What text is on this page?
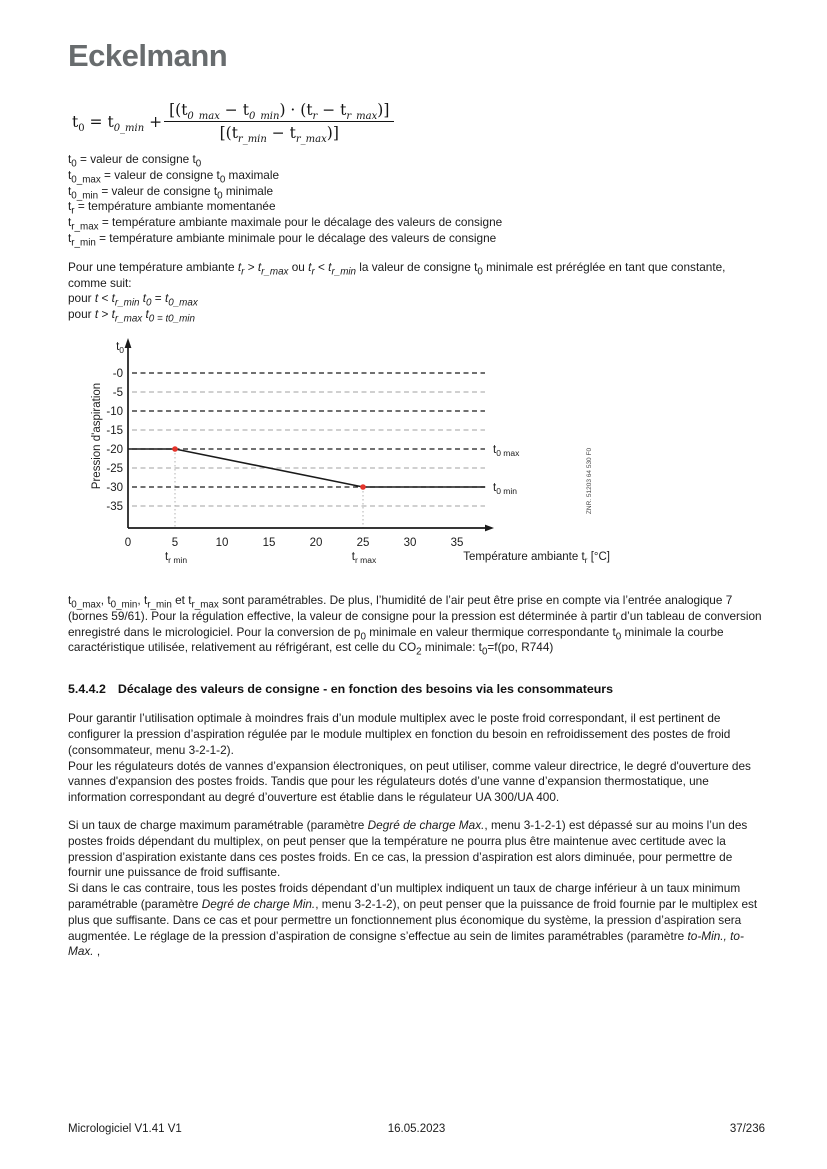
Eckelmann
$t_0 = t_{0\_min} + \frac{[(t_{0\_max} - t_{0\_min}) \cdot (t_r - t_{r\_max})]}{[(t_{r\_min} - t_{r\_max})]}$
$t_0$ = valeur de consigne $t_0$
$t_{0\_max}$ = valeur de consigne $t_0$ maximale
$t_{0\_min}$ = valeur de consigne $t_0$ minimale
$t_r$ = température ambiante momentanée
$t_{r\_max}$ = température ambiante maximale pour le décalage des valeurs de consigne
$t_{r\_min}$ = température ambiante minimale pour le décalage des valeurs de consigne
Pour une température ambiante $t_r > t_{r\_max}$ ou $t_r < t_{r\_min}$ la valeur de consigne $t_0$ minimale est préréglée en tant que constante, comme suit:
pour $t < t_{r\_min}$ $t_0 = t_{0\_max}$
pour $t > t_{r\_max}$ $t_{0 = t0\_min}$
-0
-5
-10
-15
-20
-25
-30
-35
0	5	10	15	20	25	30	35
$t_0$
$t_{r min}$	$t_{r max}$
$t_{0 max}$
$t_{0 min}$
Température ambiante $t_r$ [°C]
Pression d'aspiration	ZNR. 51203 64 530 F0
$t_{0\_max}$, $t_{0\_min}$, $t_{r\_min}$ et $t_{r\_max}$ sont paramétrables. De plus, l’humidité de l’air peut être prise en compte via l’entrée analogique 7 (bornes 59/61). Pour la régulation effective, la valeur de consigne pour la pression est déterminée à partir d’un tableau de conversion enregistré dans le micrologiciel. Pour la conversion de $p_0$ minimale en valeur thermique correspondante $t_0$ minimale la courbe caractéristique utilisée, relativement au réfrigérant, est celle du $CO_2$ minimale: $t_0=f(po$, R744)
5.4.4.2 Décalage des valeurs de consigne - en fonction des besoins via les consommateurs
Pour garantir l’utilisation optimale à moindres frais d’un module multiplex avec le poste froid correspondant, il est pertinent de configurer la pression d’aspiration régulée par le module multiplex en fonction du besoin en refroidissement des postes de froid (consommateur, menu 3-2-1-2).
Pour les régulateurs dotés de vannes d’expansion électroniques, on peut utiliser, comme valeur directrice, le degré d'ouverture des vannes d'expansion des postes froids. Tandis que pour les régulateurs dotés d’une vanne d’expansion thermostatique, une information correspondant au degré d’ouverture est établie dans le régulateur UA 300/UA 400.
Si un taux de charge maximum paramétrable (paramètre Degré de charge Max., menu 3-1-2-1) est dépassé sur au moins l’un des postes froids dépendant du multiplex, on peut penser que la température ne pourra plus être maintenue avec certitude avec la pression d’aspiration existante dans ces postes froids. En ce cas, la pression d’aspiration est alors diminuée, pour permettre de fournir une puissance de froid suffisante.
Si dans le cas contraire, tous les postes froids dépendant d’un multiplex indiquent un taux de charge inférieur à un taux minimum paramétrable (paramètre Degré de charge Min., menu 3-2-1-2), on peut penser que la puissance de froid fournie par le multiplex est plus que suffisante. Dans ce cas et pour permettre un fonctionnement plus économique du système, la pression d’aspiration sera augmentée. Le réglage de la pression d’aspiration de consigne s’effectue au sein de limites paramétrables (paramètre to-Min., to-Max. ,
Micrologiciel V1.41 V1	37/236
16.05.2023
